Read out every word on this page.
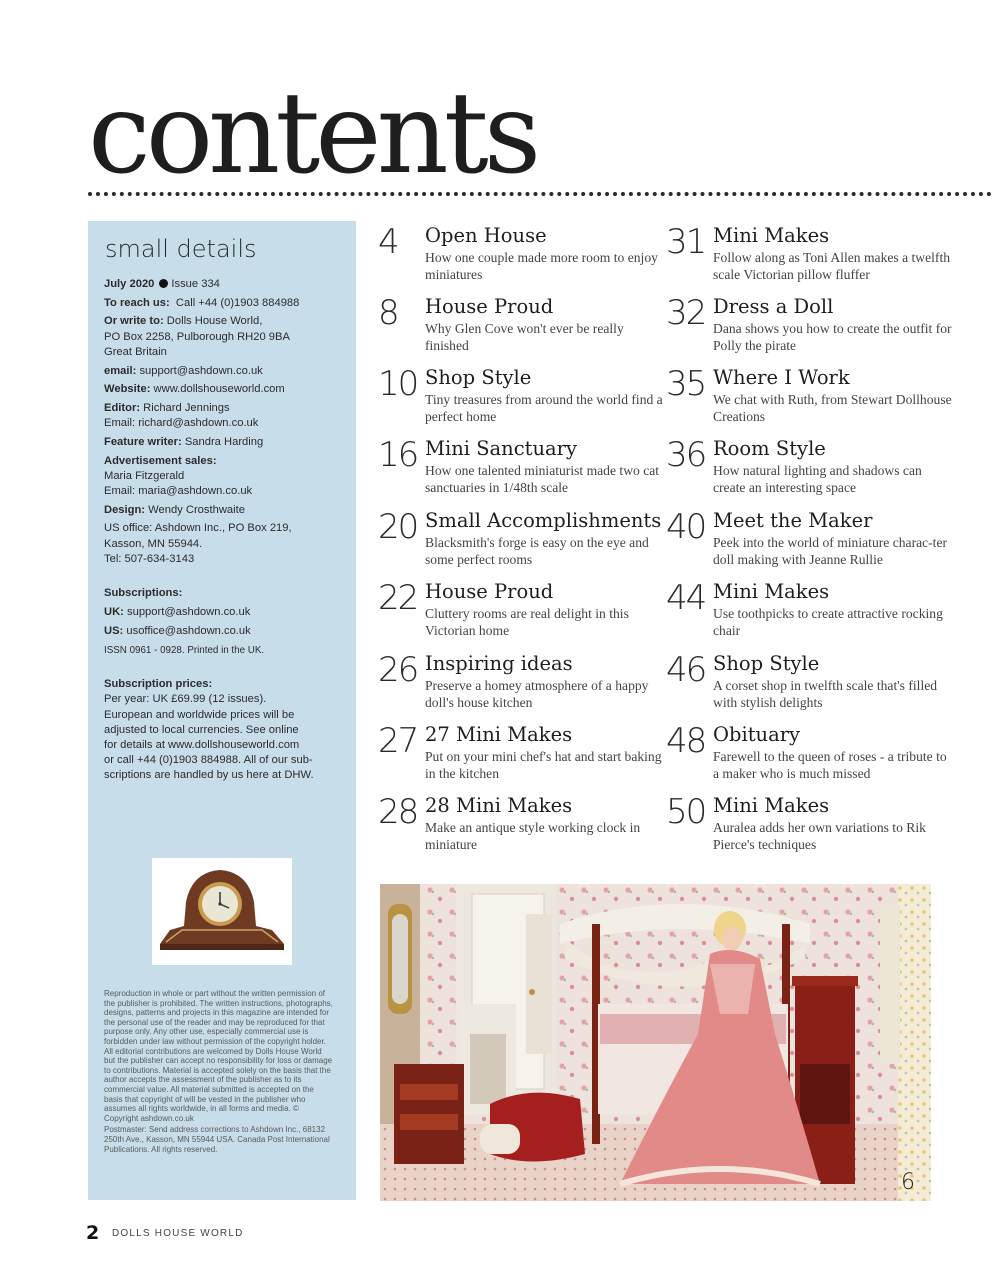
contents
small details
July 2020 Issue 334
To reach us: Call +44 (0)1903 884988
Or write to: Dolls House World,
PO Box 2258, Pulborough RH20 9BA
Great Britain
email: support@ashdown.co.uk
Website: www.dollshouseworld.com
Editor: Richard Jennings
Email: richard@ashdown.co.uk
Feature writer: Sandra Harding
Advertisement sales:
Maria Fitzgerald
Email: maria@ashdown.co.uk
Design: Wendy Crosthwaite
US office: Ashdown Inc., PO Box 219,
Kasson, MN 55944.
Tel: 507-634-3143
Subscriptions:
UK: support@ashdown.co.uk
US: usoffice@ashdown.co.uk
ISSN 0961 - 0928. Printed in the UK.
Subscription prices:
Per year: UK £69.99 (12 issues).
European and worldwide prices will be
adjusted to local currencies. See online
for details at www.dollshouseworld.com
or call +44 (0)1903 884988. All of our sub-
scriptions are handled by us here at DHW.
Reproduction in whole or part without the written permission of the publisher is prohibited. The written instructions, photographs, designs, patterns and projects in this magazine are intended for the personal use of the reader and may be reproduced for that purpose only. Any other use, especially commercial use is forbidden under law without permission of the copyright holder. All editorial contributions are welcomed by Dolls House World but the publisher can accept no responsibility for loss or damage to contributions. Material is accepted solely on the basis that the author accepts the assessment of the publisher as to its commercial value. All material submitted is accepted on the basis that copyright of will be vested in the publisher who assumes all rights worldwide, in all forms and media. © Copyright ashdown.co.uk
Postmaster: Send address corrections to Ashdown Inc., 68132 250th Ave., Kasson, MN 55944 USA. Canada Post International Publications. All rights reserved.
4 Open House
How one couple made more room to enjoy miniatures
8 House Proud
Why Glen Cove won't ever be really finished
10 Shop Style
Tiny treasures from around the world find a perfect home
16 Mini Sanctuary
How one talented miniaturist made two cat sanctuaries in 1/48th scale
20 Small Accomplishments
Blacksmith's forge is easy on the eye and some perfect rooms
22 House Proud
Cluttery rooms are real delight in this Victorian home
26 Inspiring ideas
Preserve a homey atmosphere of a happy doll's house kitchen
27 27 Mini Makes
Put on your mini chef's hat and start baking in the kitchen
28 28 Mini Makes
Make an antique style working clock in miniature
31 Mini Makes
Follow along as Toni Allen makes a twelfth scale Victorian pillow fluffer
32 Dress a Doll
Dana shows you how to create the outfit for Polly the pirate
35 Where I Work
We chat with Ruth, from Stewart Dollhouse Creations
36 Room Style
How natural lighting and shadows can create an interesting space
40 Meet the Maker
Peek into the world of miniature charac-ter doll making with Jeanne Rullie
44 Mini Makes
Use toothpicks to create attractive rocking chair
46 Shop Style
A corset shop in twelfth scale that's filled with stylish delights
48 Obituary
Farewell to the queen of roses - a tribute to a maker who is much missed
50 Mini Makes
Auralea adds her own variations to Rik Pierce's techniques
6
2 DOLLS HOUSE WORLD
